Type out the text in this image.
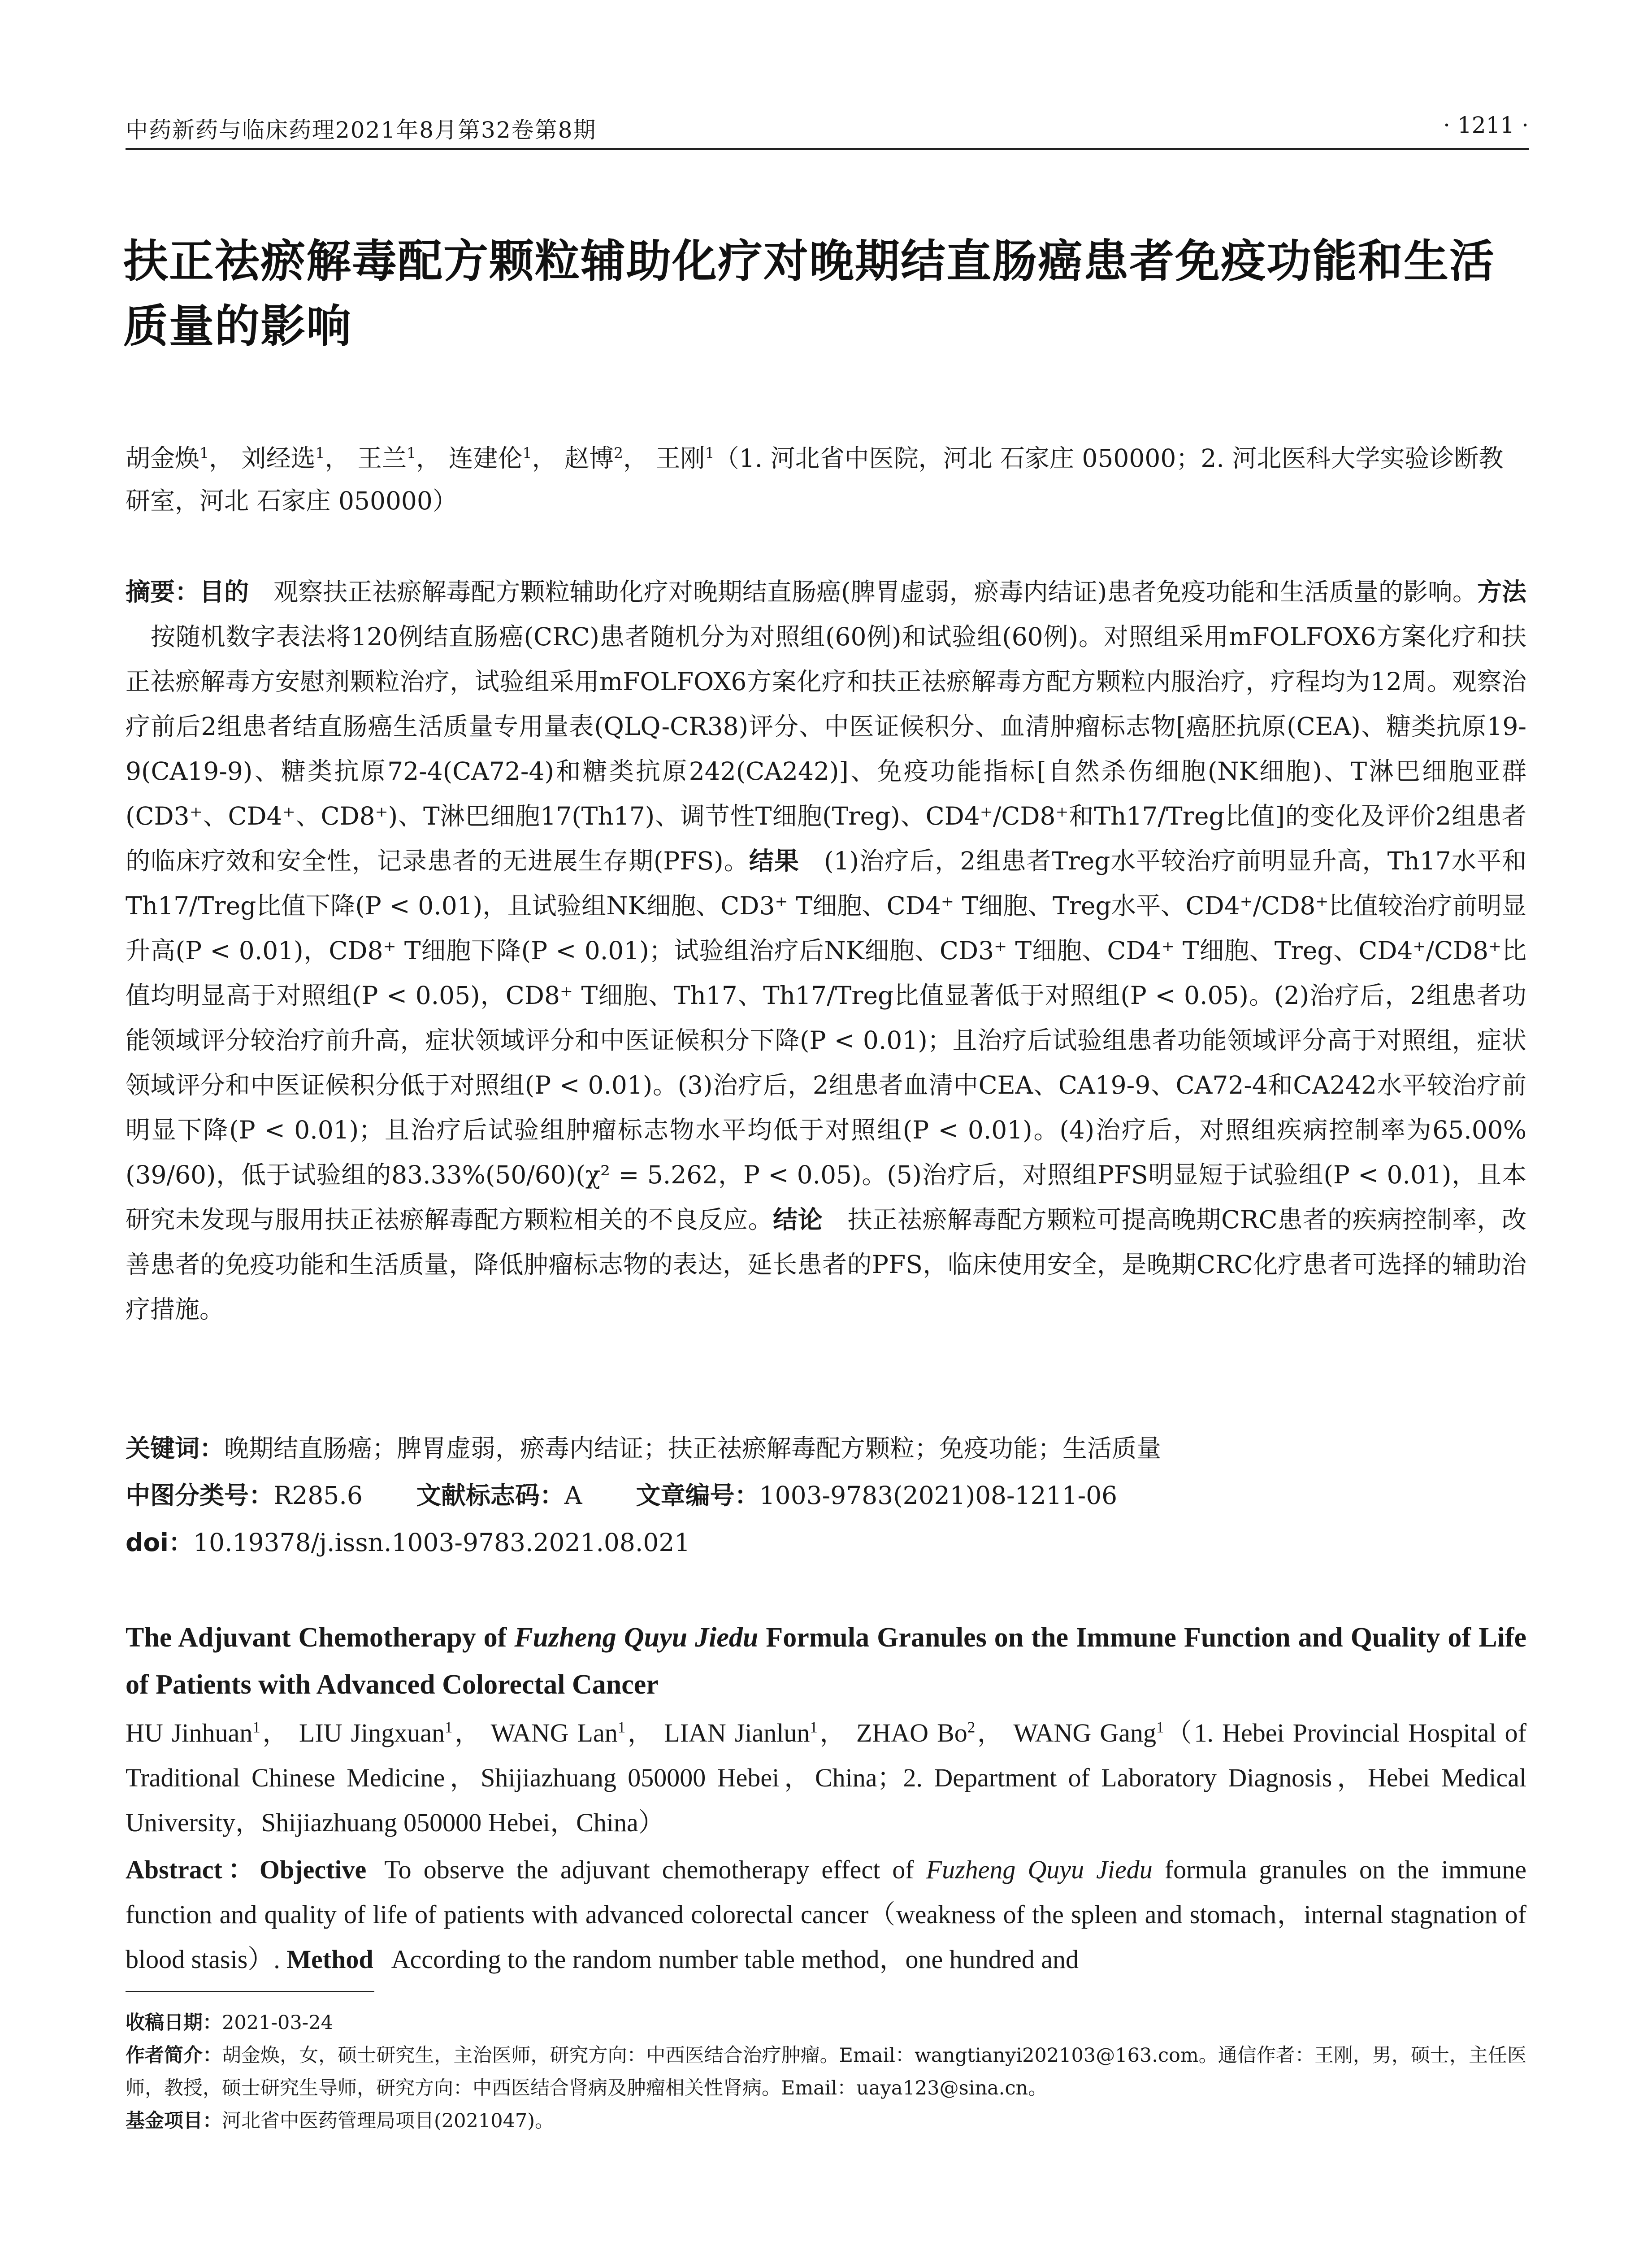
中药新药与临床药理2021年8月第32卷第8期	· 1211 ·
扶正祛瘀解毒配方颗粒辅助化疗对晚期结直肠癌患者免疫功能和生活质量的影响
胡金焕$^1$， 刘经选$^1$， 王兰$^1$， 连建伦$^1$， 赵博$^2$， 王刚$^1$（1. 河北省中医院，河北 石家庄 050000；2. 河北医科大学实验诊断教研室，河北 石家庄 050000）
摘要：目的 观察扶正祛瘀解毒配方颗粒辅助化疗对晚期结直肠癌(脾胃虚弱，瘀毒内结证)患者免疫功能和生活质量的影响。方法按随机数字表法将120例结直肠癌(CRC)患者随机分为对照组(60例)和试验组(60例)。对照组采用mFOLFOX6方案化疗和扶正祛瘀解毒方安慰剂颗粒治疗，试验组采用mFOLFOX6方案化疗和扶正祛瘀解毒方配方颗粒内服治疗，疗程均为12周。观察治疗前后2组患者结直肠癌生活质量专用量表(QLQ-CR38)评分、中医证候积分、血清肿瘤标志物[癌胚抗原(CEA)、糖类抗原19-9(CA19-9)、糖类抗原72-4(CA72-4)和糖类抗原242(CA242)]、免疫功能指标[自然杀伤细胞(NK细胞)、T淋巴细胞亚群(CD3⁺、CD4⁺、CD8⁺)、T淋巴细胞17(Th17)、调节性T细胞(Treg)、CD4⁺/CD8⁺和Th17/Treg比值]的变化及评价2组患者的临床疗效和安全性，记录患者的无进展生存期(PFS)。结果 (1)治疗后，2组患者Treg水平较治疗前明显升高，Th17水平和Th17/Treg比值下降(P < 0.01)，且试验组NK细胞、CD3⁺ T细胞、CD4⁺ T细胞、Treg水平、CD4⁺/CD8⁺比值较治疗前明显升高(P < 0.01)，CD8⁺ T细胞下降(P < 0.01)；试验组治疗后NK细胞、CD3⁺ T细胞、CD4⁺ T细胞、Treg、CD4⁺/CD8⁺比值均明显高于对照组(P < 0.05)，CD8⁺ T细胞、Th17、Th17/Treg比值显著低于对照组(P < 0.05)。(2)治疗后，2组患者功能领域评分较治疗前升高，症状领域评分和中医证候积分下降(P < 0.01)；且治疗后试验组患者功能领域评分高于对照组，症状领域评分和中医证候积分低于对照组(P < 0.01)。(3)治疗后，2组患者血清中CEA、CA19-9、CA72-4和CA242水平较治疗前明显下降(P < 0.01)；且治疗后试验组肿瘤标志物水平均低于对照组(P < 0.01)。(4)治疗后，对照组疾病控制率为65.00%(39/60)，低于试验组的83.33%(50/60)(χ² = 5.262，P < 0.05)。(5)治疗后，对照组PFS明显短于试验组(P < 0.01)，且本研究未发现与服用扶正祛瘀解毒配方颗粒相关的不良反应。结论 扶正祛瘀解毒配方颗粒可提高晚期CRC患者的疾病控制率，改善患者的免疫功能和生活质量，降低肿瘤标志物的表达，延长患者的PFS，临床使用安全，是晚期CRC化疗患者可选择的辅助治疗措施。
关键词：晚期结直肠癌；脾胃虚弱，瘀毒内结证；扶正祛瘀解毒配方颗粒；免疫功能；生活质量
中图分类号：R285.6 文献标志码：A 文章编号：1003-9783(2021)08-1211-06
doi：10.19378/j.issn.1003-9783.2021.08.021
The Adjuvant Chemotherapy of Fuzheng Quyu Jiedu Formula Granules on the Immune Function and Quality of Life of Patients with Advanced Colorectal Cancer
HU Jinhuan$^1$， LIU Jingxuan$^1$， WANG Lan$^1$， LIAN Jianlun$^1$， ZHAO Bo$^2$， WANG Gang$^1$（1. Hebei Provincial Hospital of Traditional Chinese Medicine，Shijiazhuang 050000 Hebei，China；2. Department of Laboratory Diagnosis，Hebei Medical University，Shijiazhuang 050000 Hebei，China）
Abstract：Objective To observe the adjuvant chemotherapy effect of Fuzheng Quyu Jiedu formula granules on the immune function and quality of life of patients with advanced colorectal cancer（weakness of the spleen and stomach，internal stagnation of blood stasis）. Method According to the random number table method，one hundred and
收稿日期：2021-03-24
作者简介：胡金焕，女，硕士研究生，主治医师，研究方向：中西医结合治疗肿瘤。Email：wangtianyi202103@163.com。通信作者：王刚，男，硕士，主任医师，教授，硕士研究生导师，研究方向：中西医结合肾病及肿瘤相关性肾病。Email：uaya123@sina.cn。
基金项目：河北省中医药管理局项目(2021047)。
